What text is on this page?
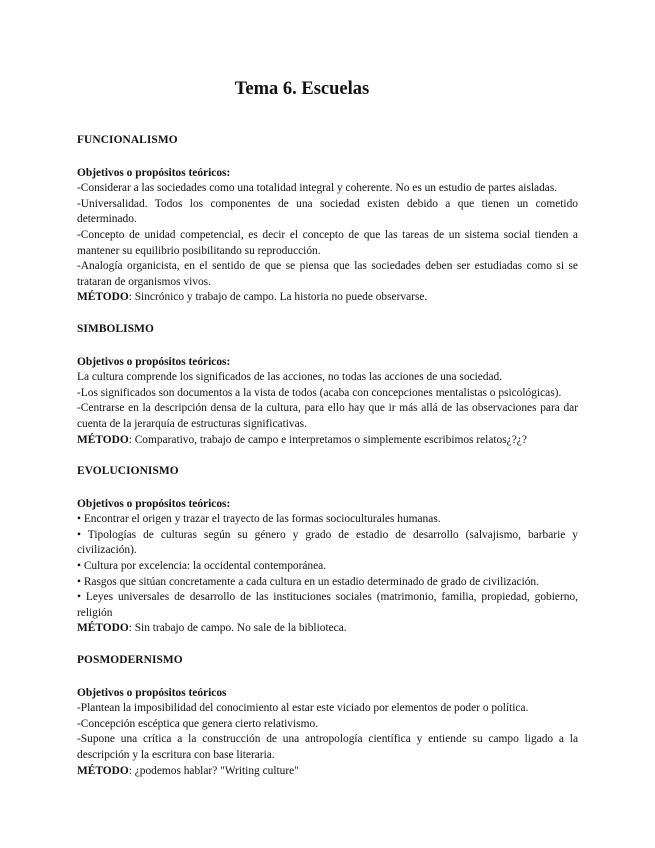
Tema 6. Escuelas
FUNCIONALISMO
Objetivos o propósitos teóricos:

-Considerar a las sociedades como una totalidad integral y coherente. No es un estudio de partes aisladas.

-Universalidad. Todos los componentes de una sociedad existen debido a que tienen un cometido determinado.

-Concepto de unidad competencial, es decir el concepto de que las tareas de un sistema social tienden a mantener su equilibrio posibilitando su reproducción.

-Analogía organicista, en el sentido de que se piensa que las sociedades deben ser estudiadas como si se trataran de organismos vivos.

MÉTODO: Sincrónico y trabajo de campo. La historia no puede observarse.

SIMBOLISMO
Objetivos o propósitos teóricos:

La cultura comprende los significados de las acciones, no todas las acciones de una sociedad.

-Los significados son documentos a la vista de todos (acaba con concepciones mentalistas o psicológicas).

-Centrarse en la descripción densa de la cultura, para ello hay que ir más allá de las observaciones para dar cuenta de la jerarquía de estructuras significativas.

MÉTODO: Comparativo, trabajo de campo e interpretamos o simplemente escribimos relatos¿?¿?

EVOLUCIONISMO
Objetivos o propósitos teóricos:

• Encontrar el origen y trazar el trayecto de las formas socioculturales humanas.

• Tipologías de culturas según su género y grado de estadio de desarrollo (salvajismo, barbarie y civilización).

• Cultura por excelencia: la occidental contemporánea.

• Rasgos que sitúan concretamente a cada cultura en un estadio determinado de grado de civilización.

• Leyes universales de desarrollo de las instituciones sociales (matrimonio, familia, propiedad, gobierno, religión

MÉTODO: Sin trabajo de campo. No sale de la biblioteca.

POSMODERNISMO
Objetivos o propósitos teóricos

-Plantean la imposibilidad del conocimiento al estar este viciado por elementos de poder o política.

-Concepción escéptica que genera cierto relativismo.

-Supone una crítica a la construcción de una antropología científica y entiende su campo ligado a la descripción y la escritura con base literaria.

MÉTODO: ¿podemos hablar? "Writing culture"
